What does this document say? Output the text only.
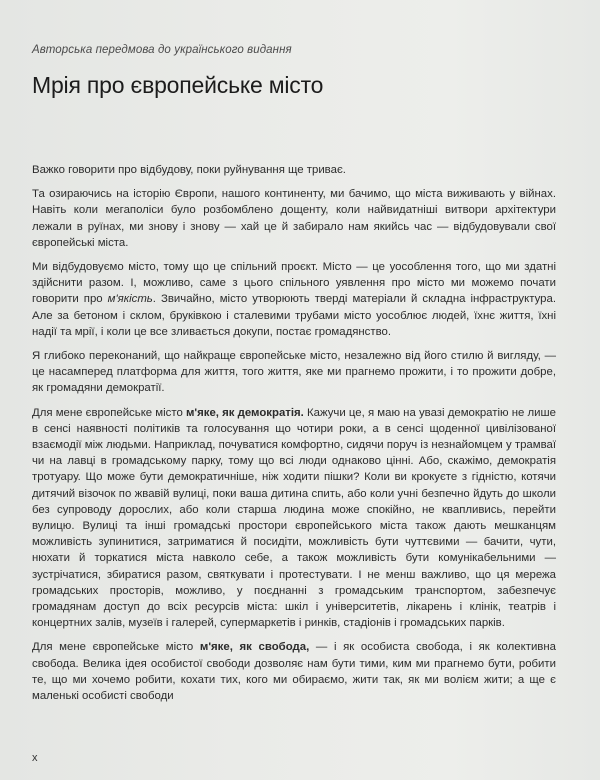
Авторська передмова до українського видання
Мрія про європейське місто

Важко говорити про відбудову, поки руйнування ще триває.

Та озираючись на історію Європи, нашого континенту, ми бачимо, що міста виживають у війнах. Навіть коли мегаполіси було розбомблено дощенту, коли найвидатніші витвори архітектури лежали в руїнах, ми знову і знову — хай це й забирало нам якийсь час — відбудовували свої європейські міста.

Ми відбудовуємо місто, тому що це спільний проєкт. Місто — це уособлення того, що ми здатні здійснити разом. І, можливо, саме з цього спільного уявлення про місто ми можемо почати говорити про м'якість. Звичайно, місто утворюють тверді матеріали й складна інфраструктура. Але за бетоном і склом, бруківкою і сталевими трубами місто уособлює людей, їхнє життя, їхні надії та мрії, і коли це все зливається докупи, постає громадянство.

Я глибоко переконаний, що найкраще європейське місто, незалежно від його стилю й вигляду, — це насамперед платформа для життя, того життя, яке ми прагнемо прожити, і то прожити добре, як громадяни демократії.

Для мене європейське місто м'яке, як демократія. Кажучи це, я маю на увазі демократію не лише в сенсі наявності політиків та голосування що чотири роки, а в сенсі щоденної цивілізованої взаємодії між людьми. Наприклад, почуватися комфортно, сидячи поруч із незнайомцем у трамваї чи на лавці в громадському парку, тому що всі люди однаково цінні. Або, скажімо, демократія тротуару. Що може бути демократичніше, ніж ходити пішки? Коли ви крокуєте з гідністю, котячи дитячий візочок по жвавій вулиці, поки ваша дитина спить, або коли учні безпечно йдуть до школи без супроводу дорослих, або коли старша людина може спокійно, не квапливись, перейти вулицю. Вулиці та інші громадські простори європейського міста також дають мешканцям можливість зупинитися, затриматися й посидіти, можливість бути чуттєвими — бачити, чути, нюхати й торкатися міста навколо себе, а також можливість бути комунікабельними — зустрічатися, збиратися разом, святкувати і протестувати. І не менш важливо, що ця мережа громадських просторів, можливо, у поєднанні з громадським транспортом, забезпечує громадянам доступ до всіх ресурсів міста: шкіл і університетів, лікарень і клінік, театрів і концертних залів, музеїв і галерей, супермаркетів і ринків, стадіонів і громадських парків.

Для мене європейське місто м'яке, як свобода, — і як особиста свобода, і як колективна свобода. Велика ідея особистої свободи дозволяє нам бути тими, ким ми прагнемо бути, робити те, що ми хочемо робити, кохати тих, кого ми обираємо, жити так, як ми волієм жити; а ще є маленькі особисті свободи

x
